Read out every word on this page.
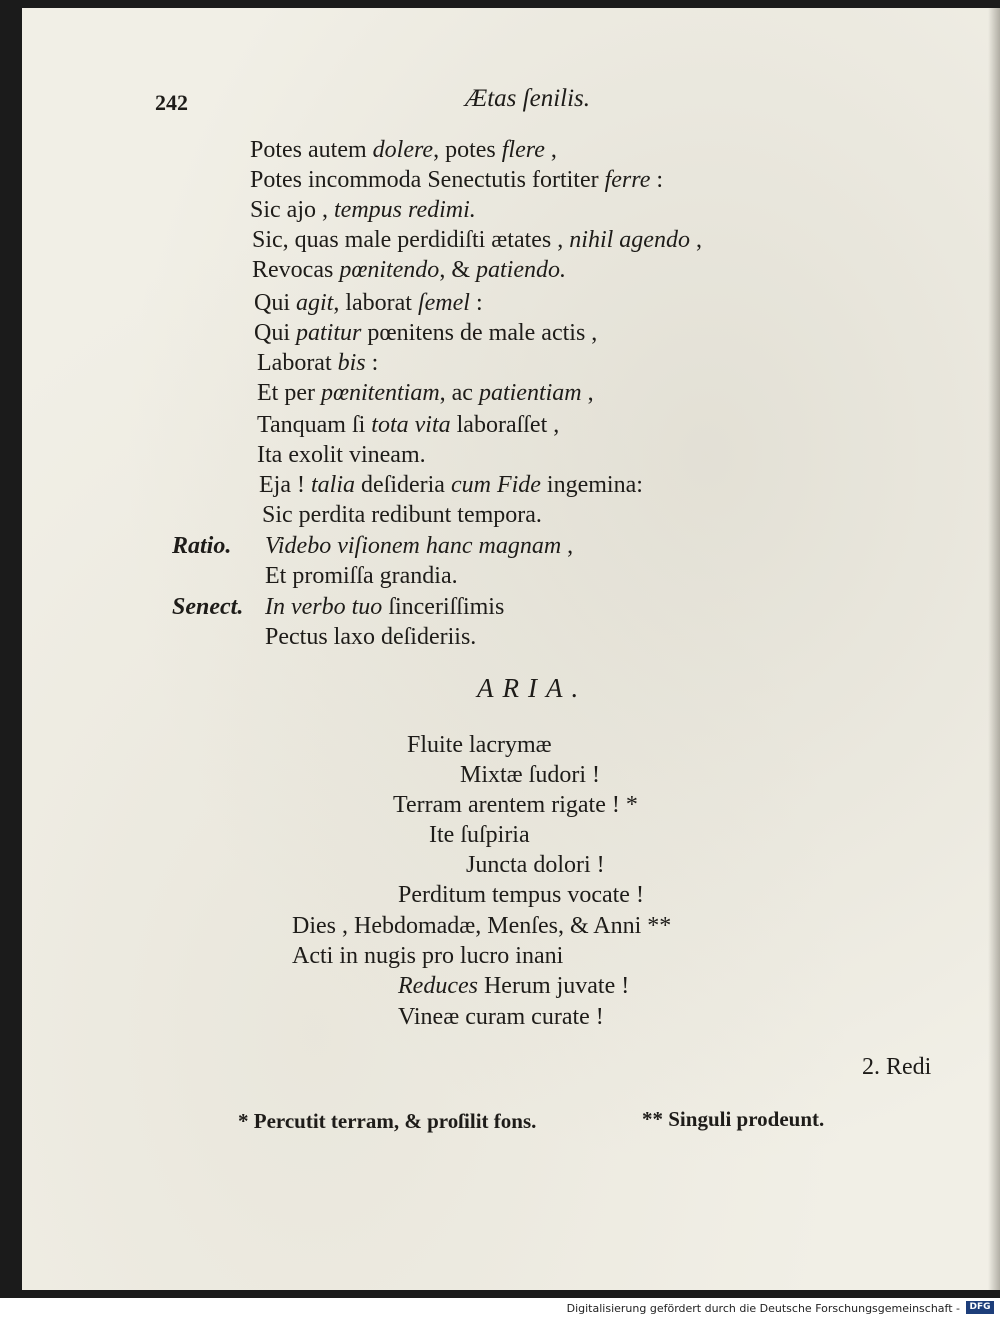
242	Ætas ſenilis.
Potes autem dolere, potes flere ,
Potes incommoda Senectutis fortiter ferre :
Sic ajo , tempus redimi.
Sic, quas male perdidiſti ætates , nihil agendo ,
Revocas pœnitendo, & patiendo.
Qui agit, laborat ſemel :
Qui patitur pœnitens de male actis ,
Laborat bis :
Et per pœnitentiam, ac patientiam ,
Tanquam ſi tota vita laboraſſet ,
Ita exolit vineam.
Eja ! talia deſideria cum Fide ingemina:
Sic perdita redibunt tempora.
Ratio. Videbo viſionem hanc magnam ,
Et promiſſa grandia.
Senect. In verbo tuo ſinceriſſimis
Pectus laxo deſideriis.
ARIA.
Fluite lacrymæ
Mixtæ ſudori !
Terram arentem rigate ! *
Ite ſuſpiria
Juncta dolori !
Perditum tempus vocate !
Dies , Hebdomadæ, Menſes, & Anni **
Acti in nugis pro lucro inani
Reduces Herum juvate !
Vineæ curam curate !
2. Redi
* Percutit terram, & proſilit fons.	** Singuli prodeunt.
Digitalisierung gefördert durch die Deutsche Forschungsgemeinschaft -	DFG
